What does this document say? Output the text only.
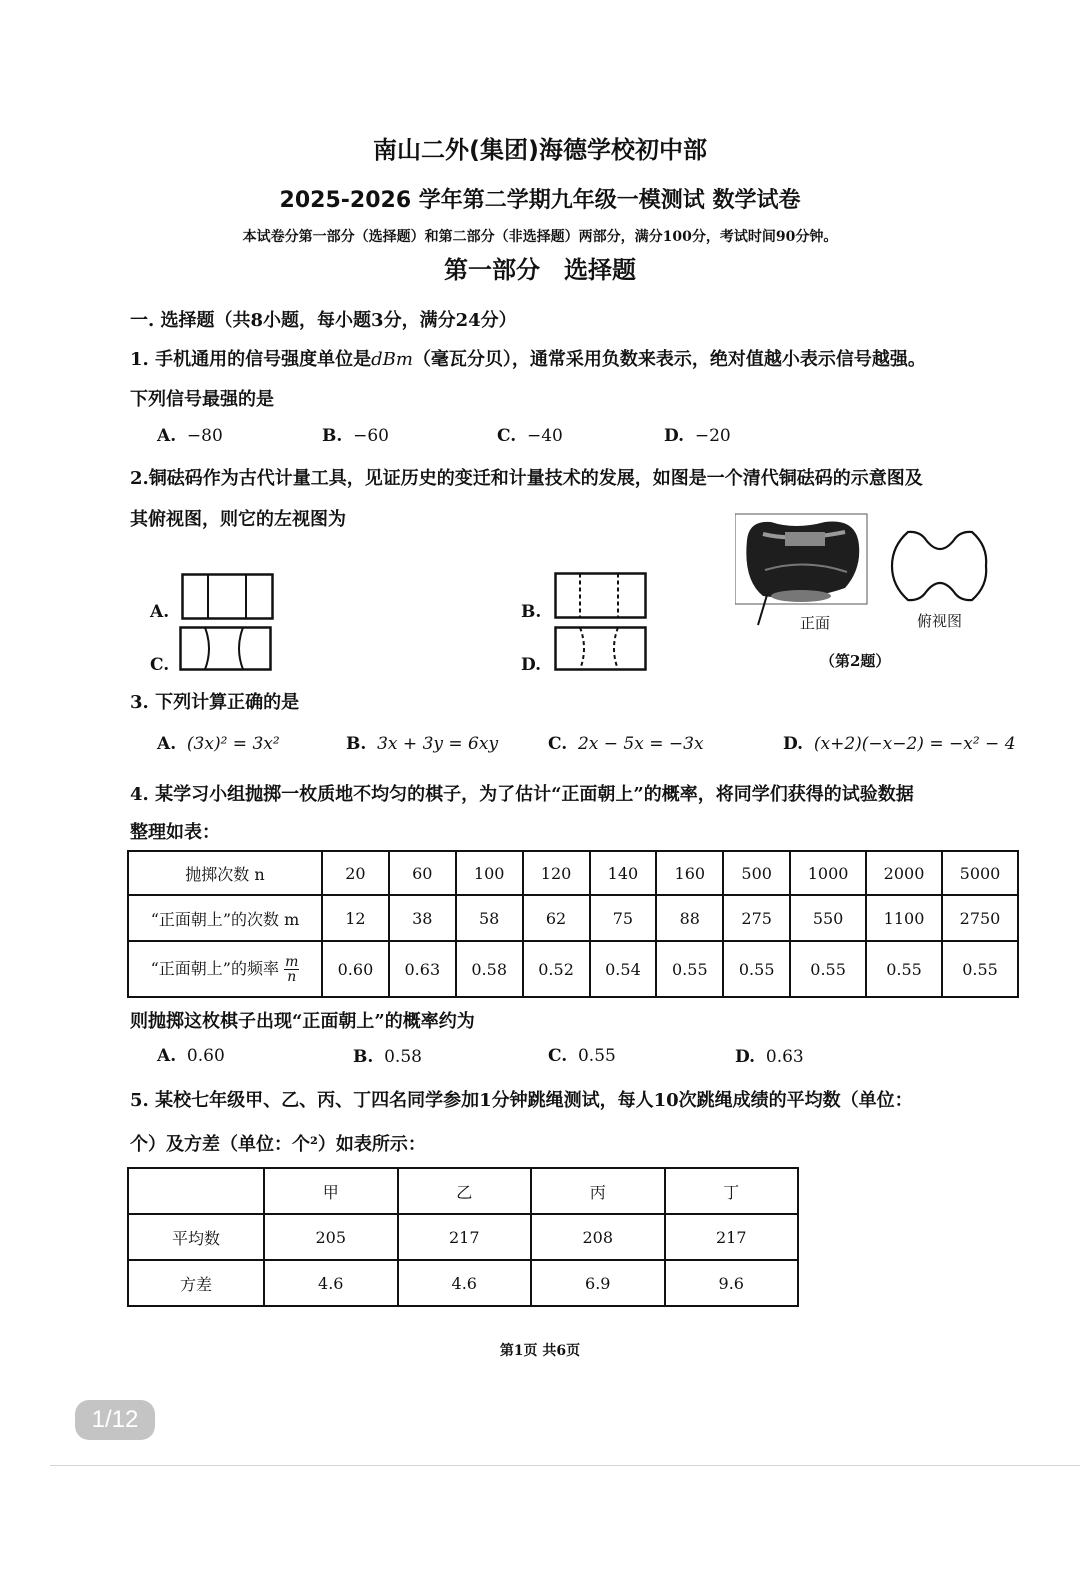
南山二外(集团)海德学校初中部
2025-2026 学年第二学期九年级一模测试 数学试卷
本试卷分第一部分（选择题）和第二部分（非选择题）两部分，满分100分，考试时间90分钟。
第一部分　选择题
一. 选择题（共8小题，每小题3分，满分24分）
1. 手机通用的信号强度单位是dBm（毫瓦分贝），通常采用负数来表示，绝对值越小表示信号越强。
下列信号最强的是
A. −80	B. −60	C. −40	D. −20
2.铜砝码作为古代计量工具，见证历史的变迁和计量技术的发展，如图是一个清代铜砝码的示意图及
其俯视图，则它的左视图为
A.
C.
B.
D.
正面	俯视图
（第2题）
3. 下列计算正确的是
A. (3x)² = 3x²	B. 3x + 3y = 6xy	C. 2x − 5x = −3x	D. (x+2)(−x−2) = −x² − 4
4. 某学习小组抛掷一枚质地不均匀的棋子，为了估计“正面朝上”的概率，将同学们获得的试验数据
整理如表：
抛掷次数 n	20	60	100	120	140	160	500	1000	2000	5000
“正面朝上”的次数 m	12	38	58	62	75	88	275	550	1100	2750
“正面朝上”的频率 $\frac{m}{n}$	0.60	0.63	0.58	0.52	0.54	0.55	0.55	0.55	0.55	0.55
则抛掷这枚棋子出现“正面朝上”的概率约为
A. 0.60	B. 0.58	C. 0.55	D. 0.63
5. 某校七年级甲、乙、丙、丁四名同学参加1分钟跳绳测试，每人10次跳绳成绩的平均数（单位：
个）及方差（单位：个²）如表所示：
	甲	乙	丙	丁
平均数	205	217	208	217
方差	4.6	4.6	6.9	9.6
第1页 共6页
1/12
